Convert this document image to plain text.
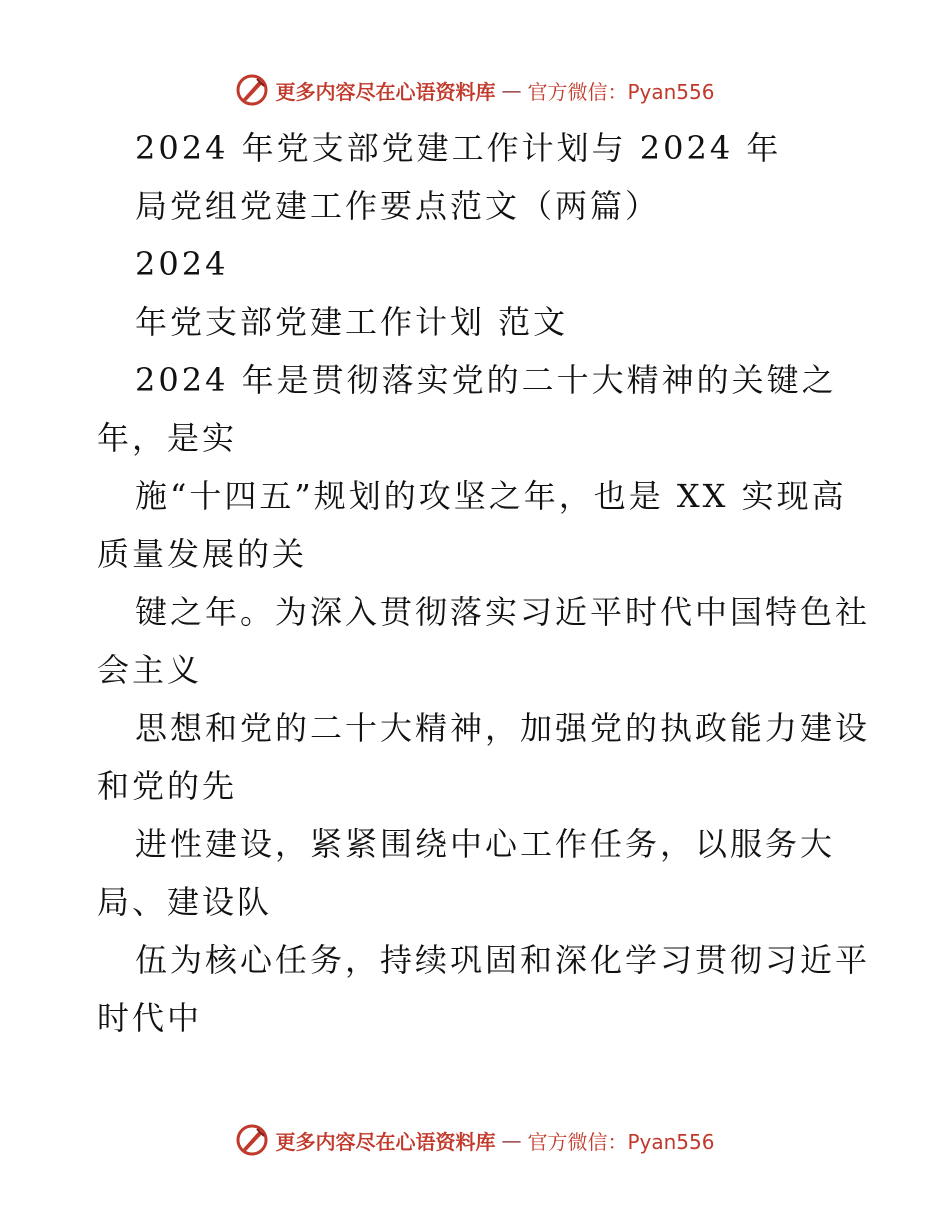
更多内容尽在心语资料库 — 官方微信：Pyan556
2024 年党支部党建工作计划与 2024 年
局党组党建工作要点范文（两篇）
2024
年党支部党建工作计划 范文
2024 年是贯彻落实党的二十大精神的关键之
年，是实
施“十四五”规划的攻坚之年，也是 XX 实现高
质量发展的关
键之年。为深入贯彻落实习近平时代中国特色社
会主义
思想和党的二十大精神，加强党的执政能力建设
和党的先
进性建设，紧紧围绕中心工作任务，以服务大
局、建设队
伍为核心任务，持续巩固和深化学习贯彻习近平
时代中
更多内容尽在心语资料库 — 官方微信：Pyan556
